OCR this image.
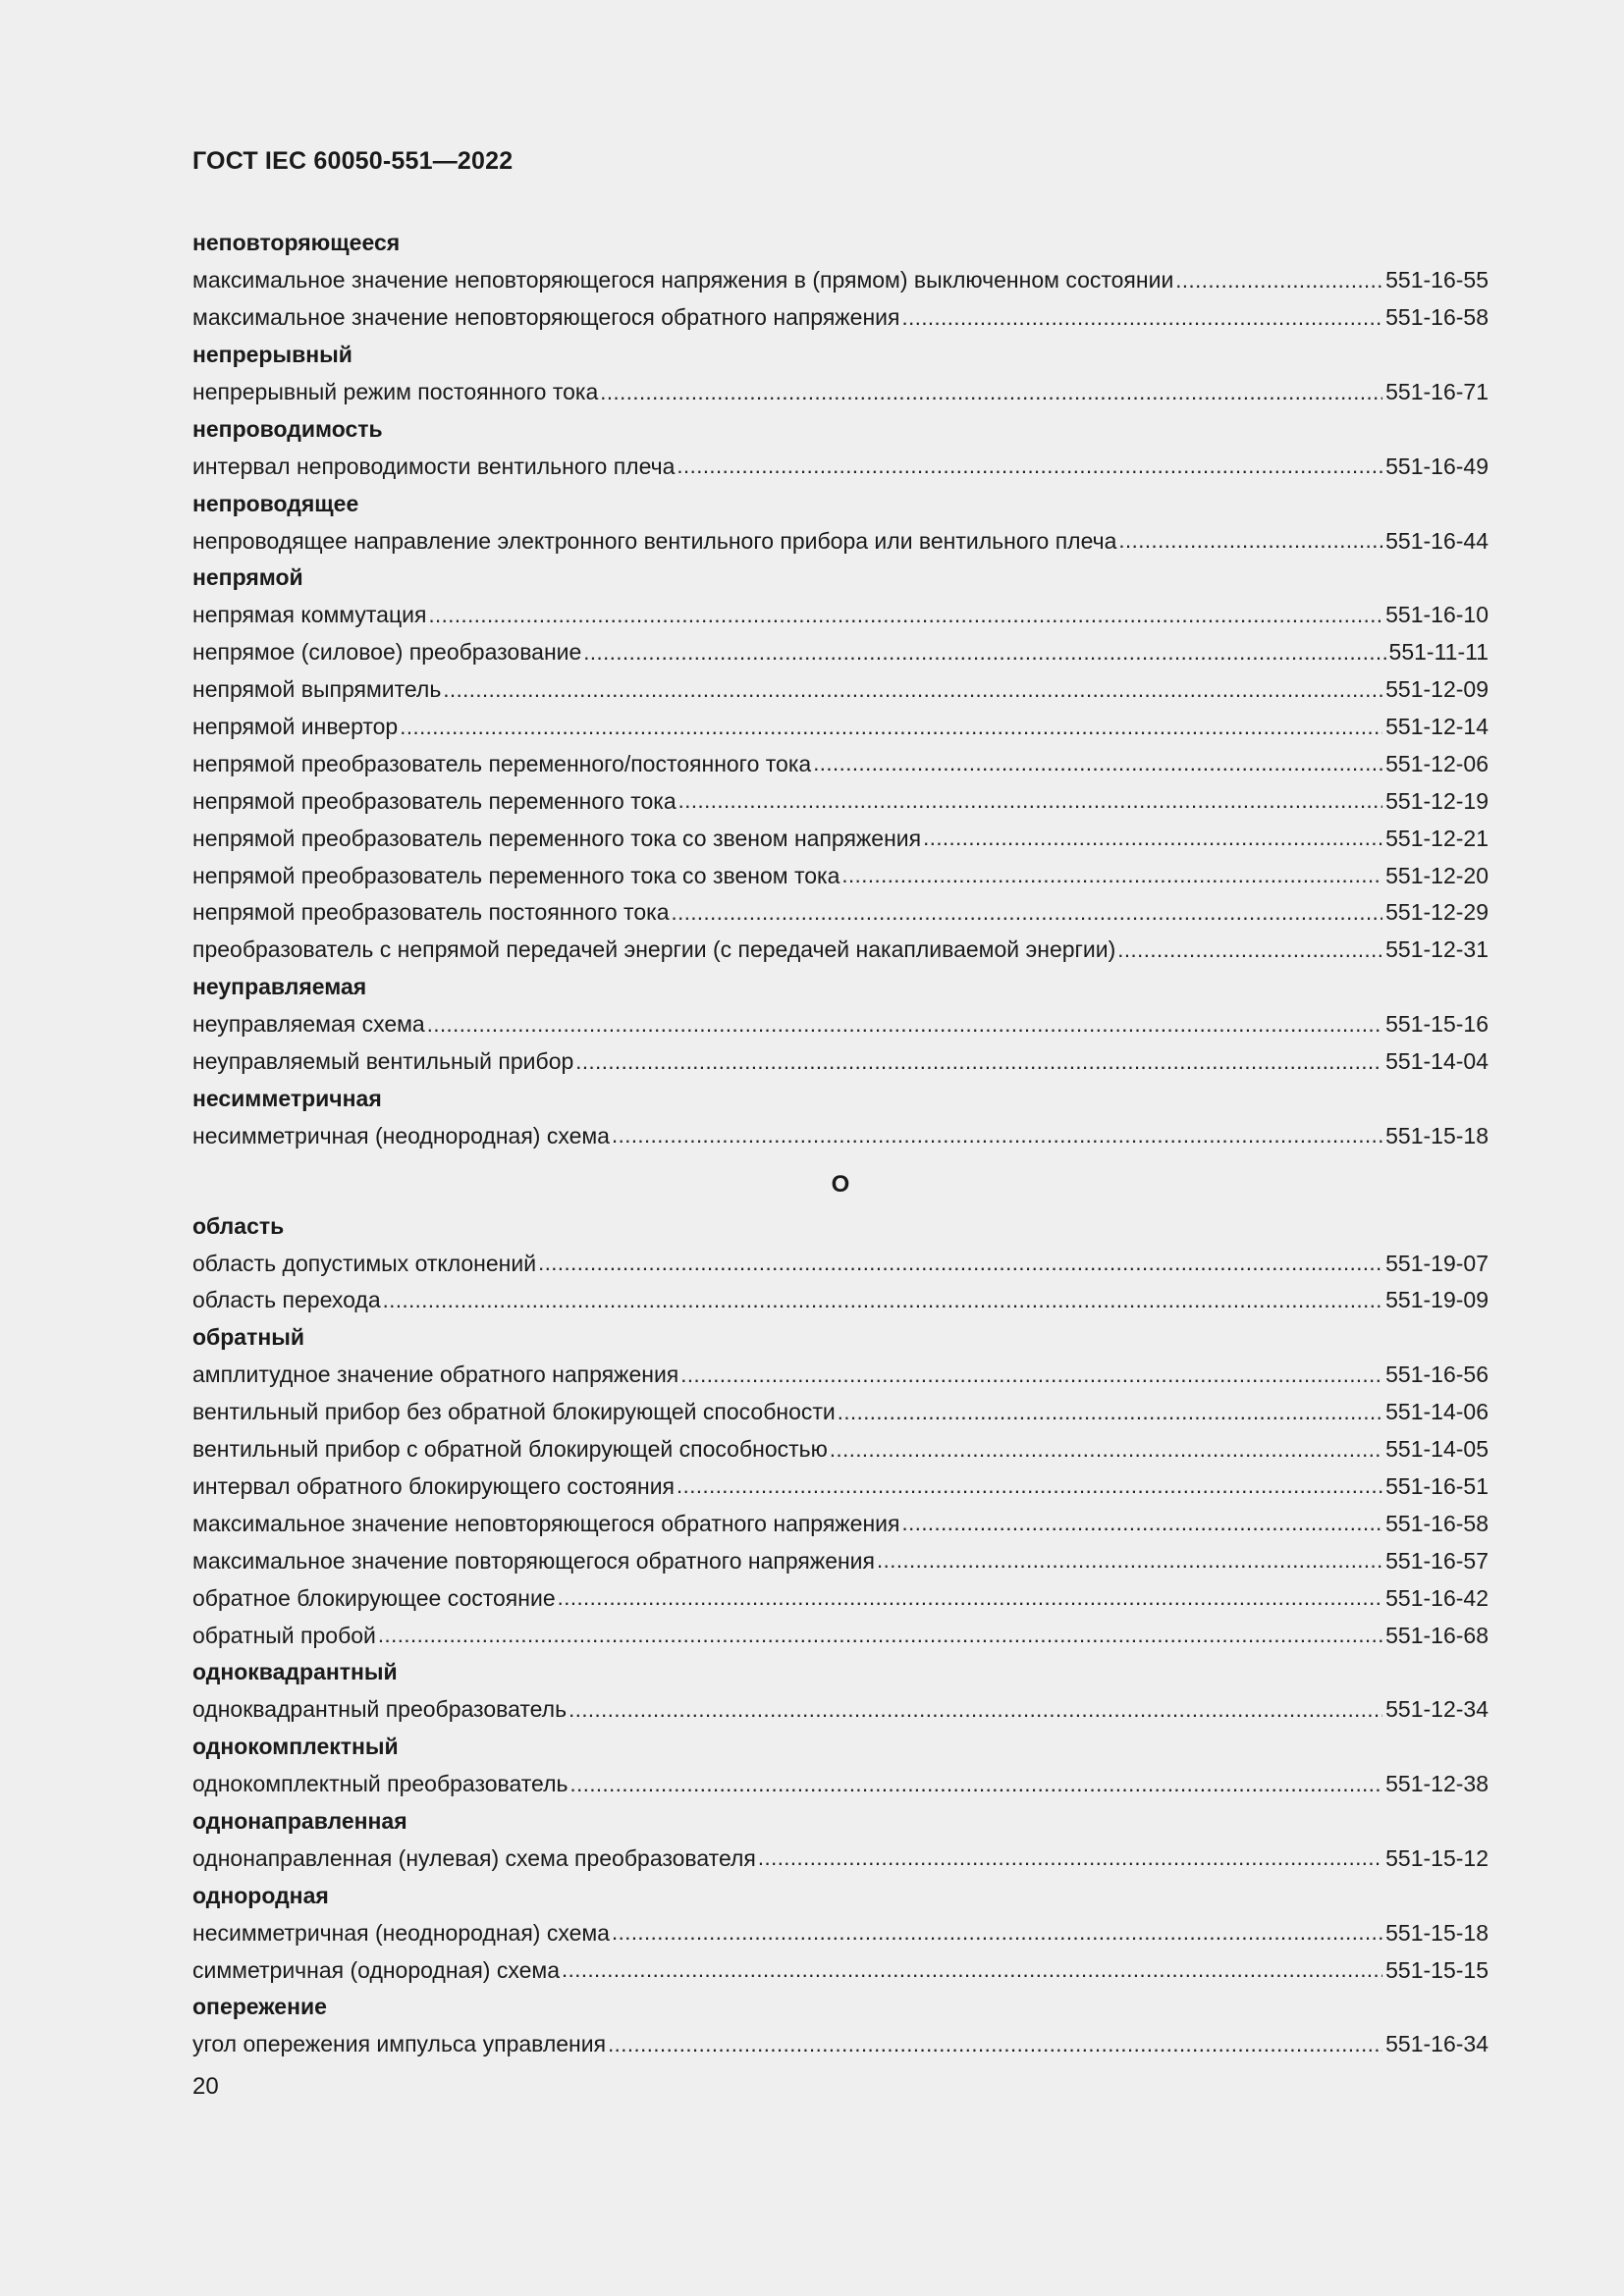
ГОСТ IEC 60050-551—2022
неповторяющееся
максимальное значение неповторяющегося напряжения в (прямом) выключенном состоянии .....	551-16-55
максимальное значение неповторяющегося обратного напряжения .....	551-16-58
непрерывный
непрерывный режим постоянного тока .....	551-16-71
непроводимость
интервал непроводимости вентильного плеча .....	551-16-49
непроводящее
непроводящее направление электронного вентильного прибора или вентильного плеча .....	551-16-44
непрямой
непрямая коммутация .....	551-16-10
непрямое (силовое) преобразование .....	551-11-11
непрямой выпрямитель .....	551-12-09
непрямой инвертор .....	551-12-14
непрямой преобразователь переменного/постоянного тока .....	551-12-06
непрямой преобразователь переменного тока .....	551-12-19
непрямой преобразователь переменного тока со звеном напряжения .....	551-12-21
непрямой преобразователь переменного тока со звеном тока .....	551-12-20
непрямой преобразователь постоянного тока .....	551-12-29
преобразователь с непрямой передачей энергии (с передачей накапливаемой энергии) .....	551-12-31
неуправляемая
неуправляемая схема .....	551-15-16
неуправляемый вентильный прибор .....	551-14-04
несимметричная
несимметричная (неоднородная) схема .....	551-15-18
О
область
область допустимых отклонений .....	551-19-07
область перехода .....	551-19-09
обратный
амплитудное значение обратного напряжения .....	551-16-56
вентильный прибор без обратной блокирующей способности .....	551-14-06
вентильный прибор с обратной блокирующей способностью .....	551-14-05
интервал обратного блокирующего состояния .....	551-16-51
максимальное значение неповторяющегося обратного напряжения .....	551-16-58
максимальное значение повторяющегося обратного напряжения .....	551-16-57
обратное блокирующее состояние .....	551-16-42
обратный пробой .....	551-16-68
одноквадрантный
одноквадрантный преобразователь .....	551-12-34
однокомплектный
однокомплектный преобразователь .....	551-12-38
однонаправленная
однонаправленная (нулевая) схема преобразователя .....	551-15-12
однородная
несимметричная (неоднородная) схема .....	551-15-18
симметричная (однородная) схема .....	551-15-15
опережение
угол опережения импульса управления .....	551-16-34
20
